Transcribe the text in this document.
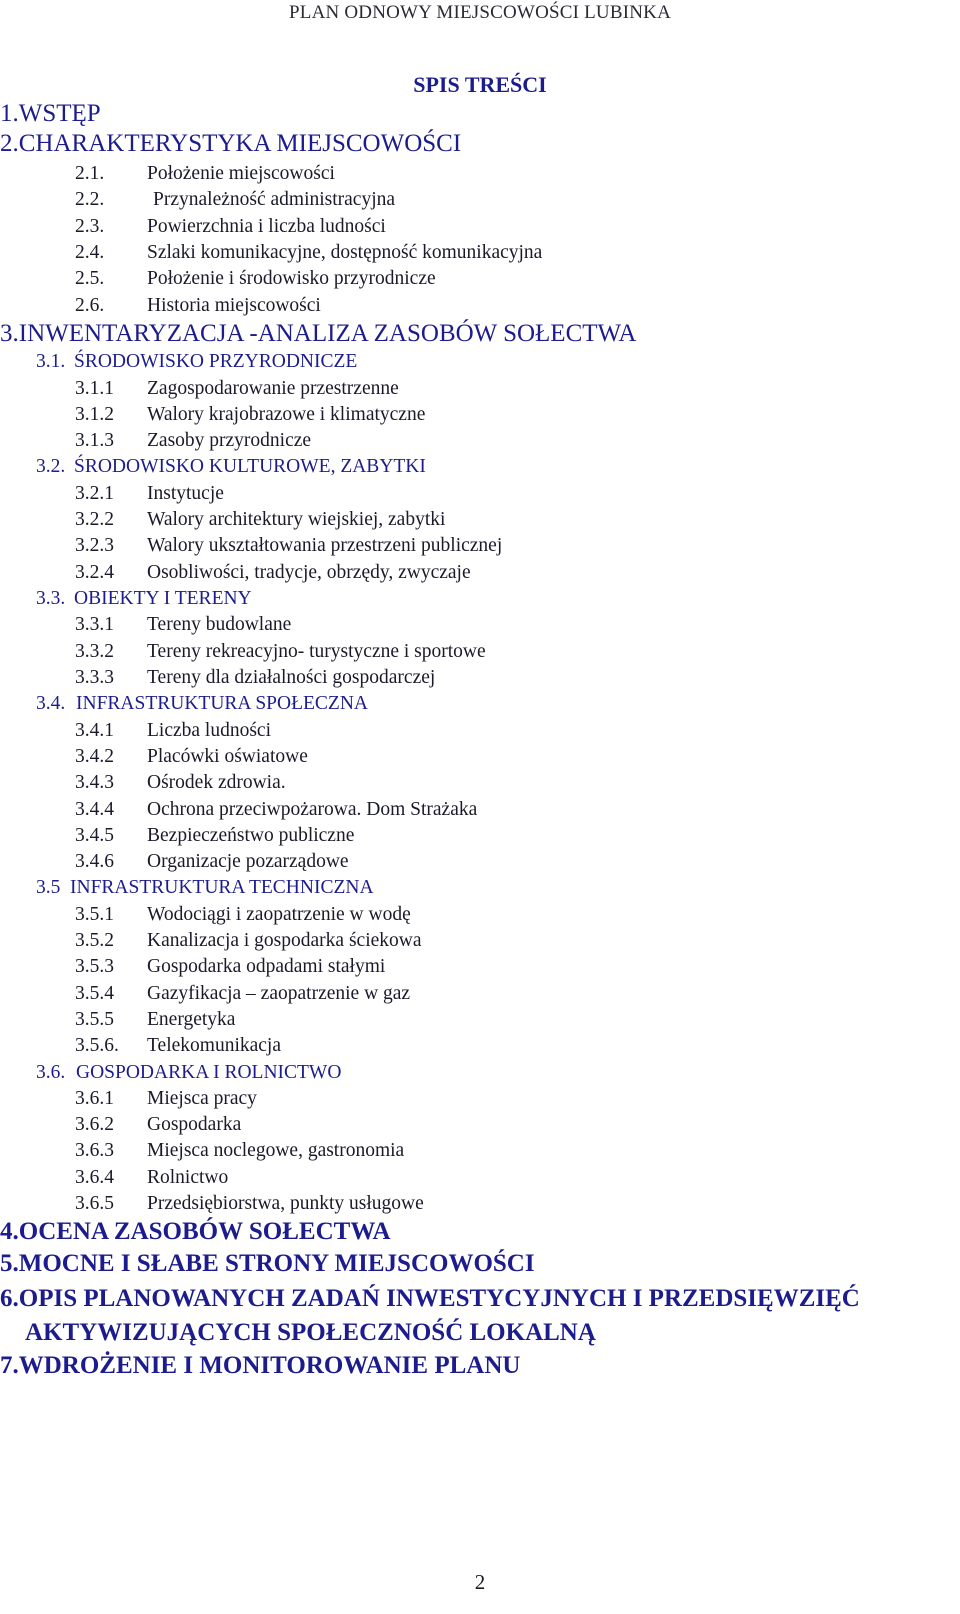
PLAN ODNOWY MIEJSCOWOŚCI LUBINKA
SPIS TREŚCI
1.WSTĘP
2.CHARAKTERYSTYKA MIEJSCOWOŚCI
2.1. Położenie miejscowości
2.2.	Przynależność administracyjna
2.3. Powierzchnia i liczba ludności
2.4. Szlaki komunikacyjne, dostępność komunikacyjna
2.5. Położenie i środowisko przyrodnicze
2.6. Historia miejscowości
3.INWENTARYZACJA -ANALIZA ZASOBÓW SOŁECTWA
3.1. ŚRODOWISKO PRZYRODNICZE
3.1.1 Zagospodarowanie przestrzenne
3.1.2 Walory krajobrazowe i klimatyczne
3.1.3 Zasoby przyrodnicze
3.2. ŚRODOWISKO KULTUROWE, ZABYTKI
3.2.1 Instytucje
3.2.2 Walory architektury wiejskiej, zabytki
3.2.3 Walory ukształtowania przestrzeni publicznej
3.2.4 Osobliwości, tradycje, obrzędy, zwyczaje
3.3. OBIEKTY I TERENY
3.3.1 Tereny budowlane
3.3.2 Tereny rekreacyjno- turystyczne i sportowe
3.3.3 Tereny dla działalności gospodarczej
3.4. INFRASTRUKTURA SPOŁECZNA
3.4.1 Liczba ludności
3.4.2 Placówki oświatowe
3.4.3 Ośrodek zdrowia.
3.4.4 Ochrona przeciwpożarowa. Dom Strażaka
3.4.5 Bezpieczeństwo publiczne
3.4.6 Organizacje pozarządowe
3.5 INFRASTRUKTURA TECHNICZNA
3.5.1 Wodociągi i zaopatrzenie w wodę
3.5.2 Kanalizacja i gospodarka ściekowa
3.5.3 Gospodarka odpadami stałymi
3.5.4 Gazyfikacja – zaopatrzenie w gaz
3.5.5 Energetyka
3.5.6. Telekomunikacja
3.6. GOSPODARKA I ROLNICTWO
3.6.1 Miejsca pracy
3.6.2 Gospodarka
3.6.3 Miejsca noclegowe, gastronomia
3.6.4 Rolnictwo
3.6.5 Przedsiębiorstwa, punkty usługowe
4.OCENA ZASOBÓW SOŁECTWA
5.MOCNE I SŁABE STRONY MIEJSCOWOŚCI
6.OPIS PLANOWANYCH ZADAŃ INWESTYCYJNYCH I PRZEDSIĘWZIĘĆ
AKTYWIZUJĄCYCH SPOŁECZNOŚĆ LOKALNĄ
7.WDROŻENIE I MONITOROWANIE PLANU
2
